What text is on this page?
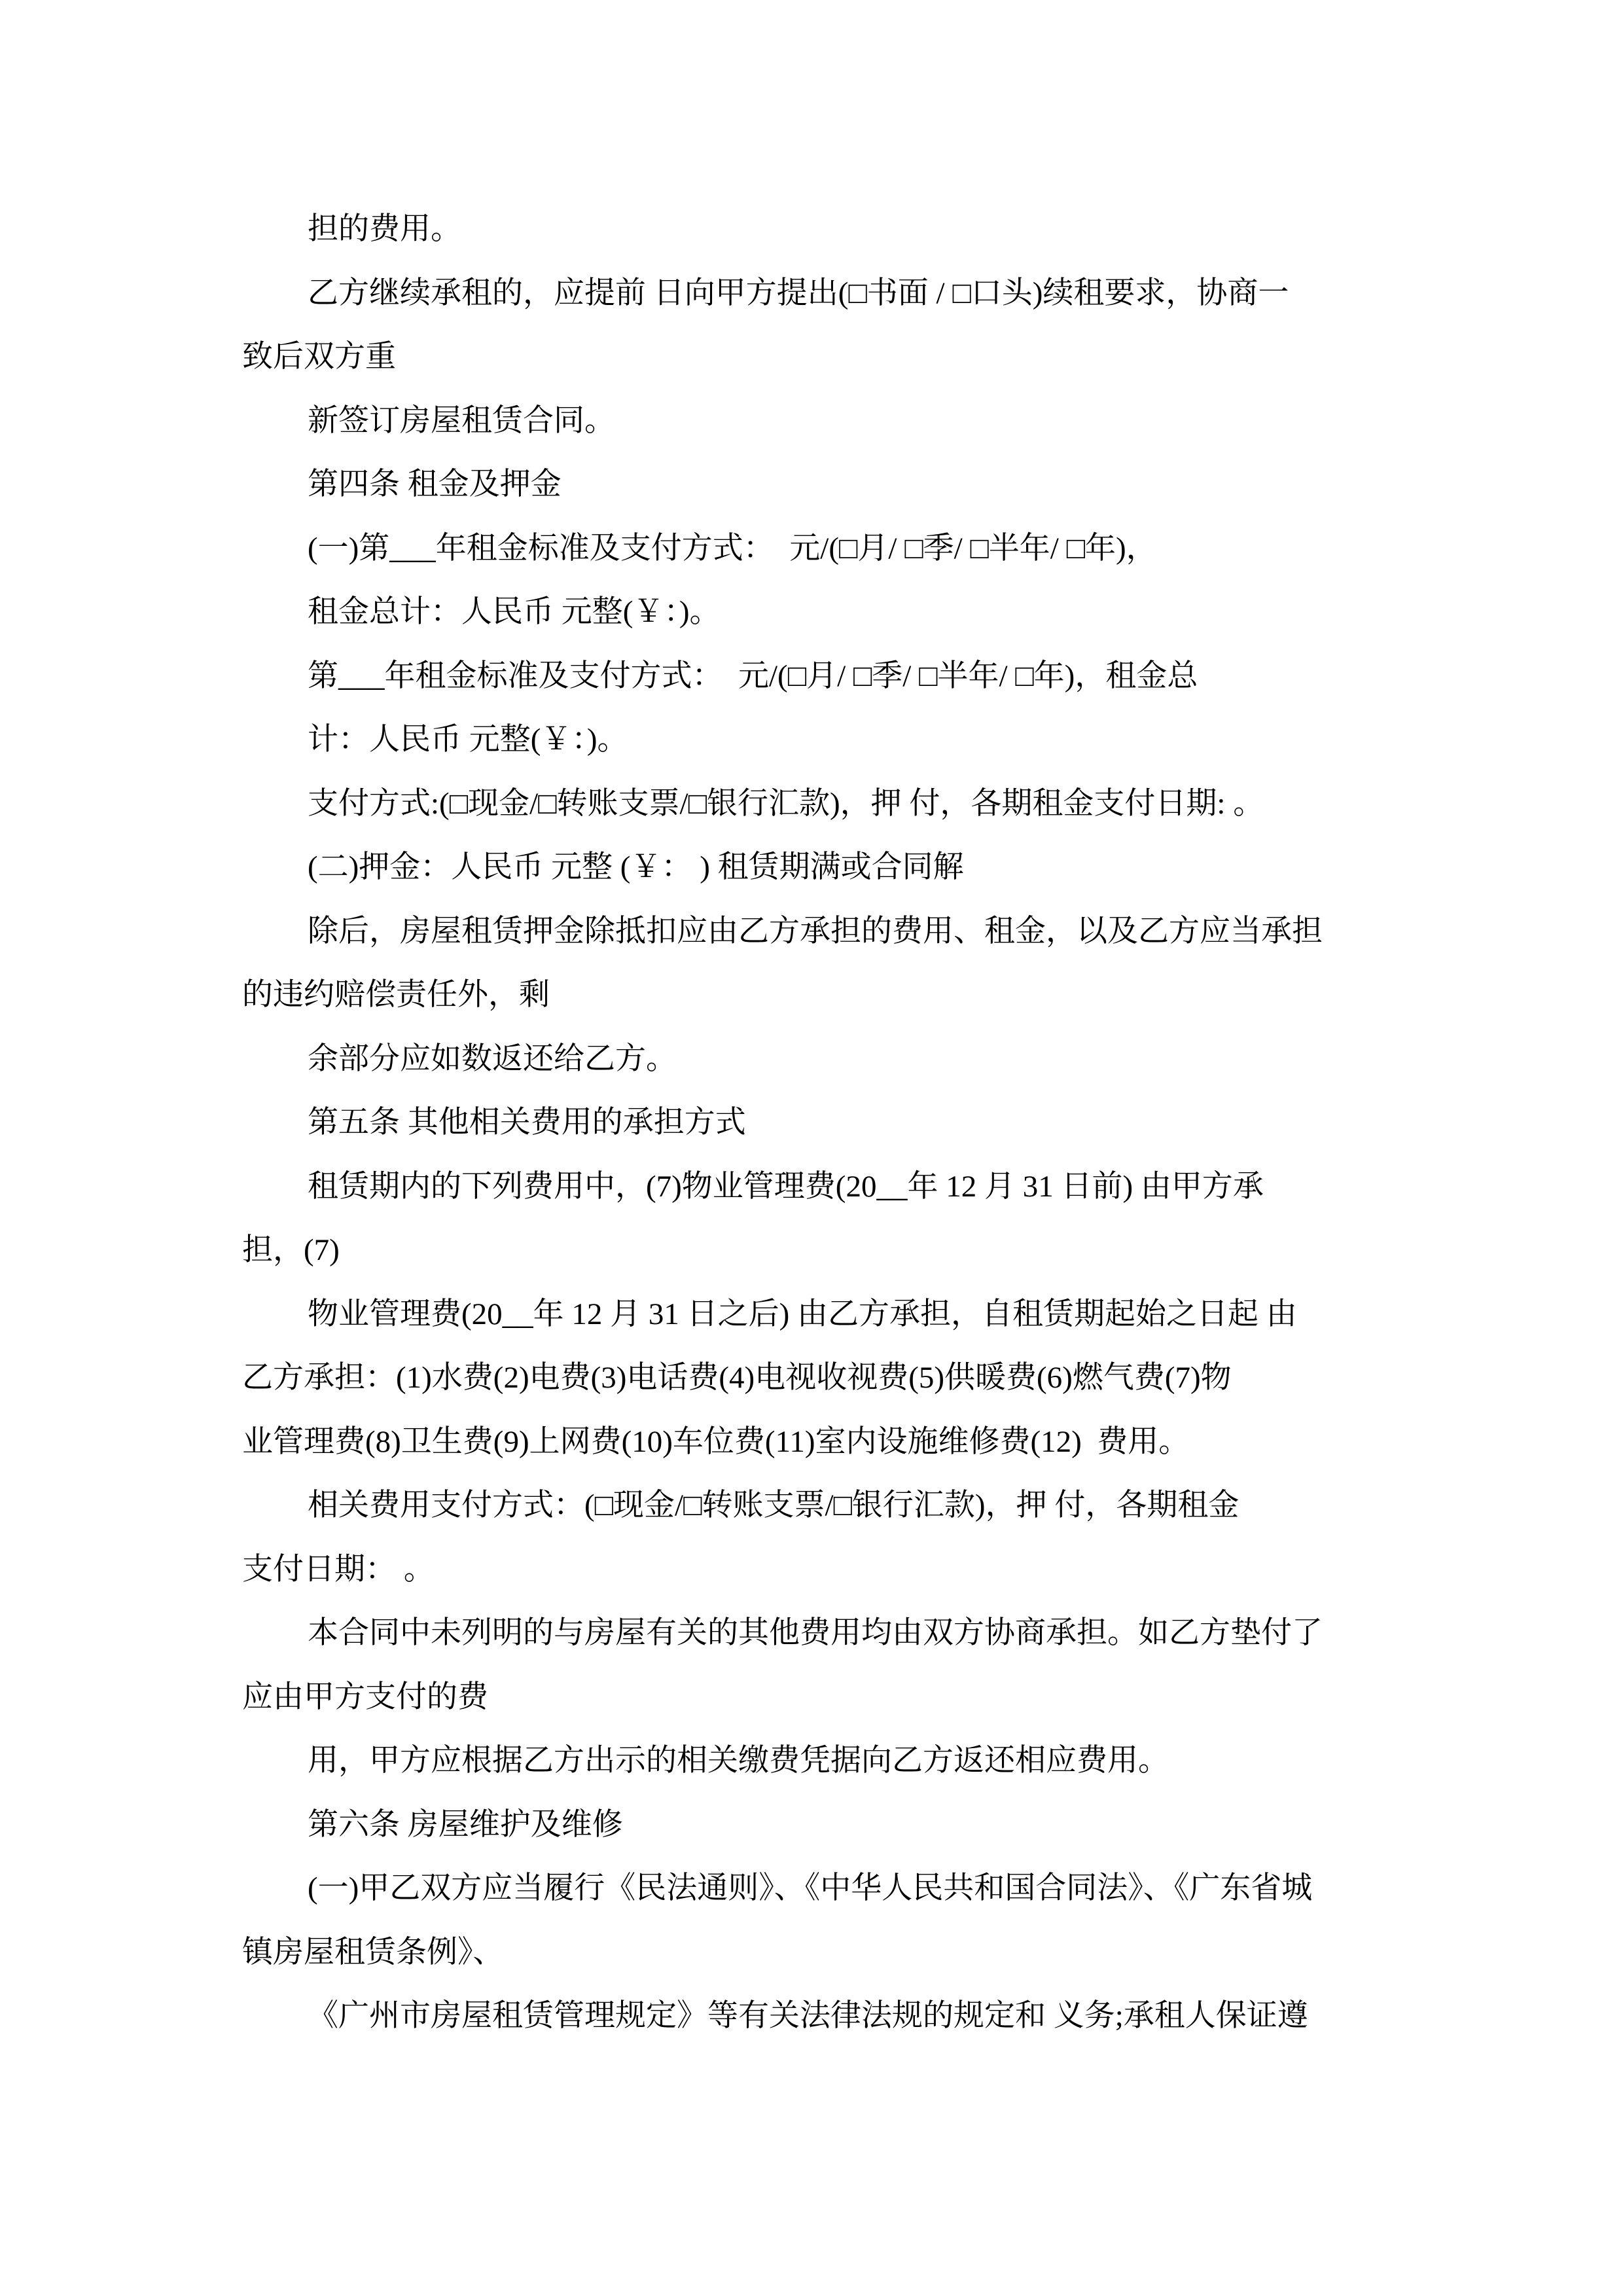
担的费用。
乙方继续承租的，应提前 日向甲方提出(□书面 / □口头)续租要求，协商一
致后双方重
新签订房屋租赁合同。
第四条 租金及押金
(一)第___年租金标准及支付方式：  元/(□月/ □季/ □半年/ □年)，
租金总计：人民币 元整(￥：)。
第___年租金标准及支付方式：  元/(□月/ □季/ □半年/ □年)，租金总
计：人民币 元整(￥：)。
支付方式:(□现金/□转账支票/□银行汇款)，押 付，各期租金支付日期: 。
(二)押金：人民币 元整 (￥： ) 租赁期满或合同解
除后，房屋租赁押金除抵扣应由乙方承担的费用、租金，以及乙方应当承担
的违约赔偿责任外，剩
余部分应如数返还给乙方。
第五条 其他相关费用的承担方式
租赁期内的下列费用中，(7)物业管理费(20__年 12 月 31 日前) 由甲方承
担，(7)
物业管理费(20__年 12 月 31 日之后) 由乙方承担，自租赁期起始之日起 由
乙方承担：(1)水费(2)电费(3)电话费(4)电视收视费(5)供暖费(6)燃气费(7)物
业管理费(8)卫生费(9)上网费(10)车位费(11)室内设施维修费(12)  费用。
相关费用支付方式：(□现金/□转账支票/□银行汇款)，押 付，各期租金
支付日期： 。
本合同中未列明的与房屋有关的其他费用均由双方协商承担。如乙方垫付了
应由甲方支付的费
用，甲方应根据乙方出示的相关缴费凭据向乙方返还相应费用。
第六条 房屋维护及维修
(一)甲乙双方应当履行《民法通则》、《中华人民共和国合同法》、《广东省城
镇房屋租赁条例》、
《广州市房屋租赁管理规定》等有关法律法规的规定和 义务;承租人保证遵
